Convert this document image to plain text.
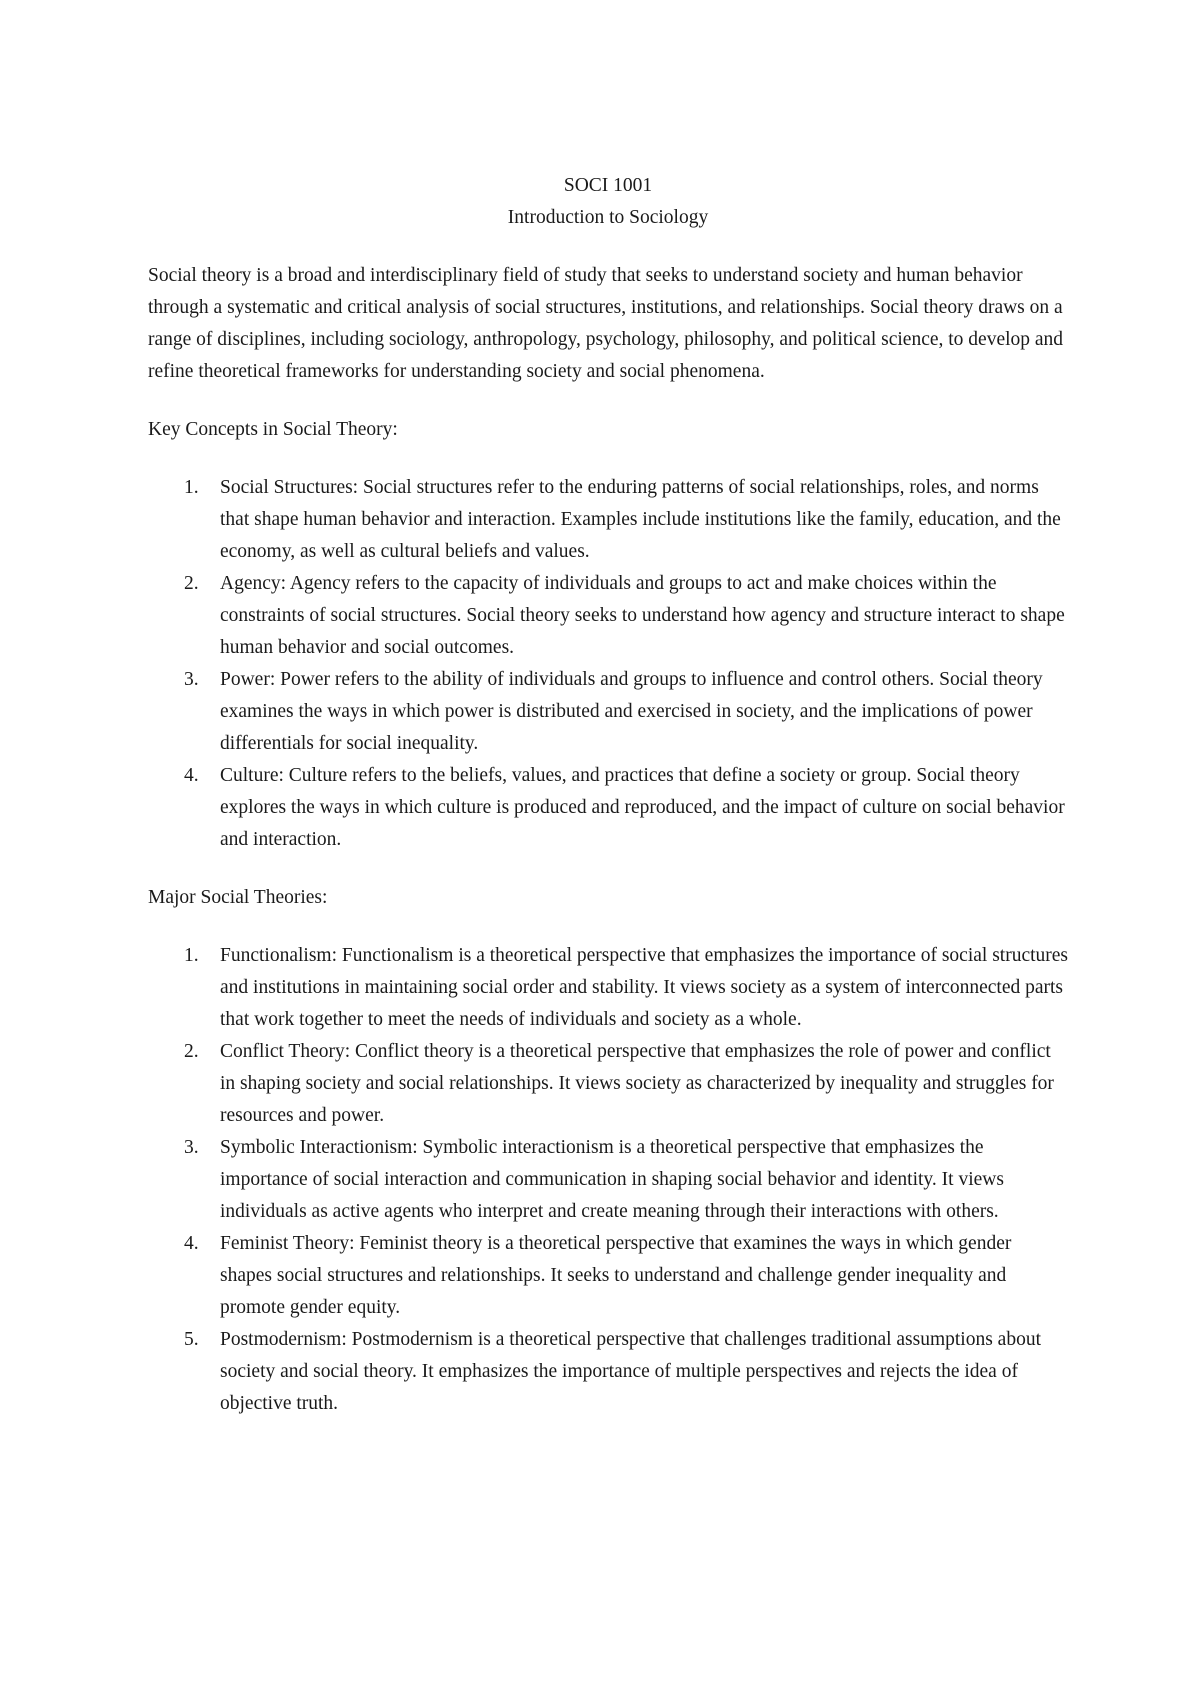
SOCI 1001
Introduction to Sociology

Social theory is a broad and interdisciplinary field of study that seeks to understand society and human behavior through a systematic and critical analysis of social structures, institutions, and relationships. Social theory draws on a range of disciplines, including sociology, anthropology, psychology, philosophy, and political science, to develop and refine theoretical frameworks for understanding society and social phenomena.

Key Concepts in Social Theory:

1. Social Structures: Social structures refer to the enduring patterns of social relationships, roles, and norms that shape human behavior and interaction. Examples include institutions like the family, education, and the economy, as well as cultural beliefs and values.
2. Agency: Agency refers to the capacity of individuals and groups to act and make choices within the constraints of social structures. Social theory seeks to understand how agency and structure interact to shape human behavior and social outcomes.
3. Power: Power refers to the ability of individuals and groups to influence and control others. Social theory examines the ways in which power is distributed and exercised in society, and the implications of power differentials for social inequality.
4. Culture: Culture refers to the beliefs, values, and practices that define a society or group. Social theory explores the ways in which culture is produced and reproduced, and the impact of culture on social behavior and interaction.

Major Social Theories:

1. Functionalism: Functionalism is a theoretical perspective that emphasizes the importance of social structures and institutions in maintaining social order and stability. It views society as a system of interconnected parts that work together to meet the needs of individuals and society as a whole.
2. Conflict Theory: Conflict theory is a theoretical perspective that emphasizes the role of power and conflict in shaping society and social relationships. It views society as characterized by inequality and struggles for resources and power.
3. Symbolic Interactionism: Symbolic interactionism is a theoretical perspective that emphasizes the importance of social interaction and communication in shaping social behavior and identity. It views individuals as active agents who interpret and create meaning through their interactions with others.
4. Feminist Theory: Feminist theory is a theoretical perspective that examines the ways in which gender shapes social structures and relationships. It seeks to understand and challenge gender inequality and promote gender equity.
5. Postmodernism: Postmodernism is a theoretical perspective that challenges traditional assumptions about society and social theory. It emphasizes the importance of multiple perspectives and rejects the idea of objective truth.
